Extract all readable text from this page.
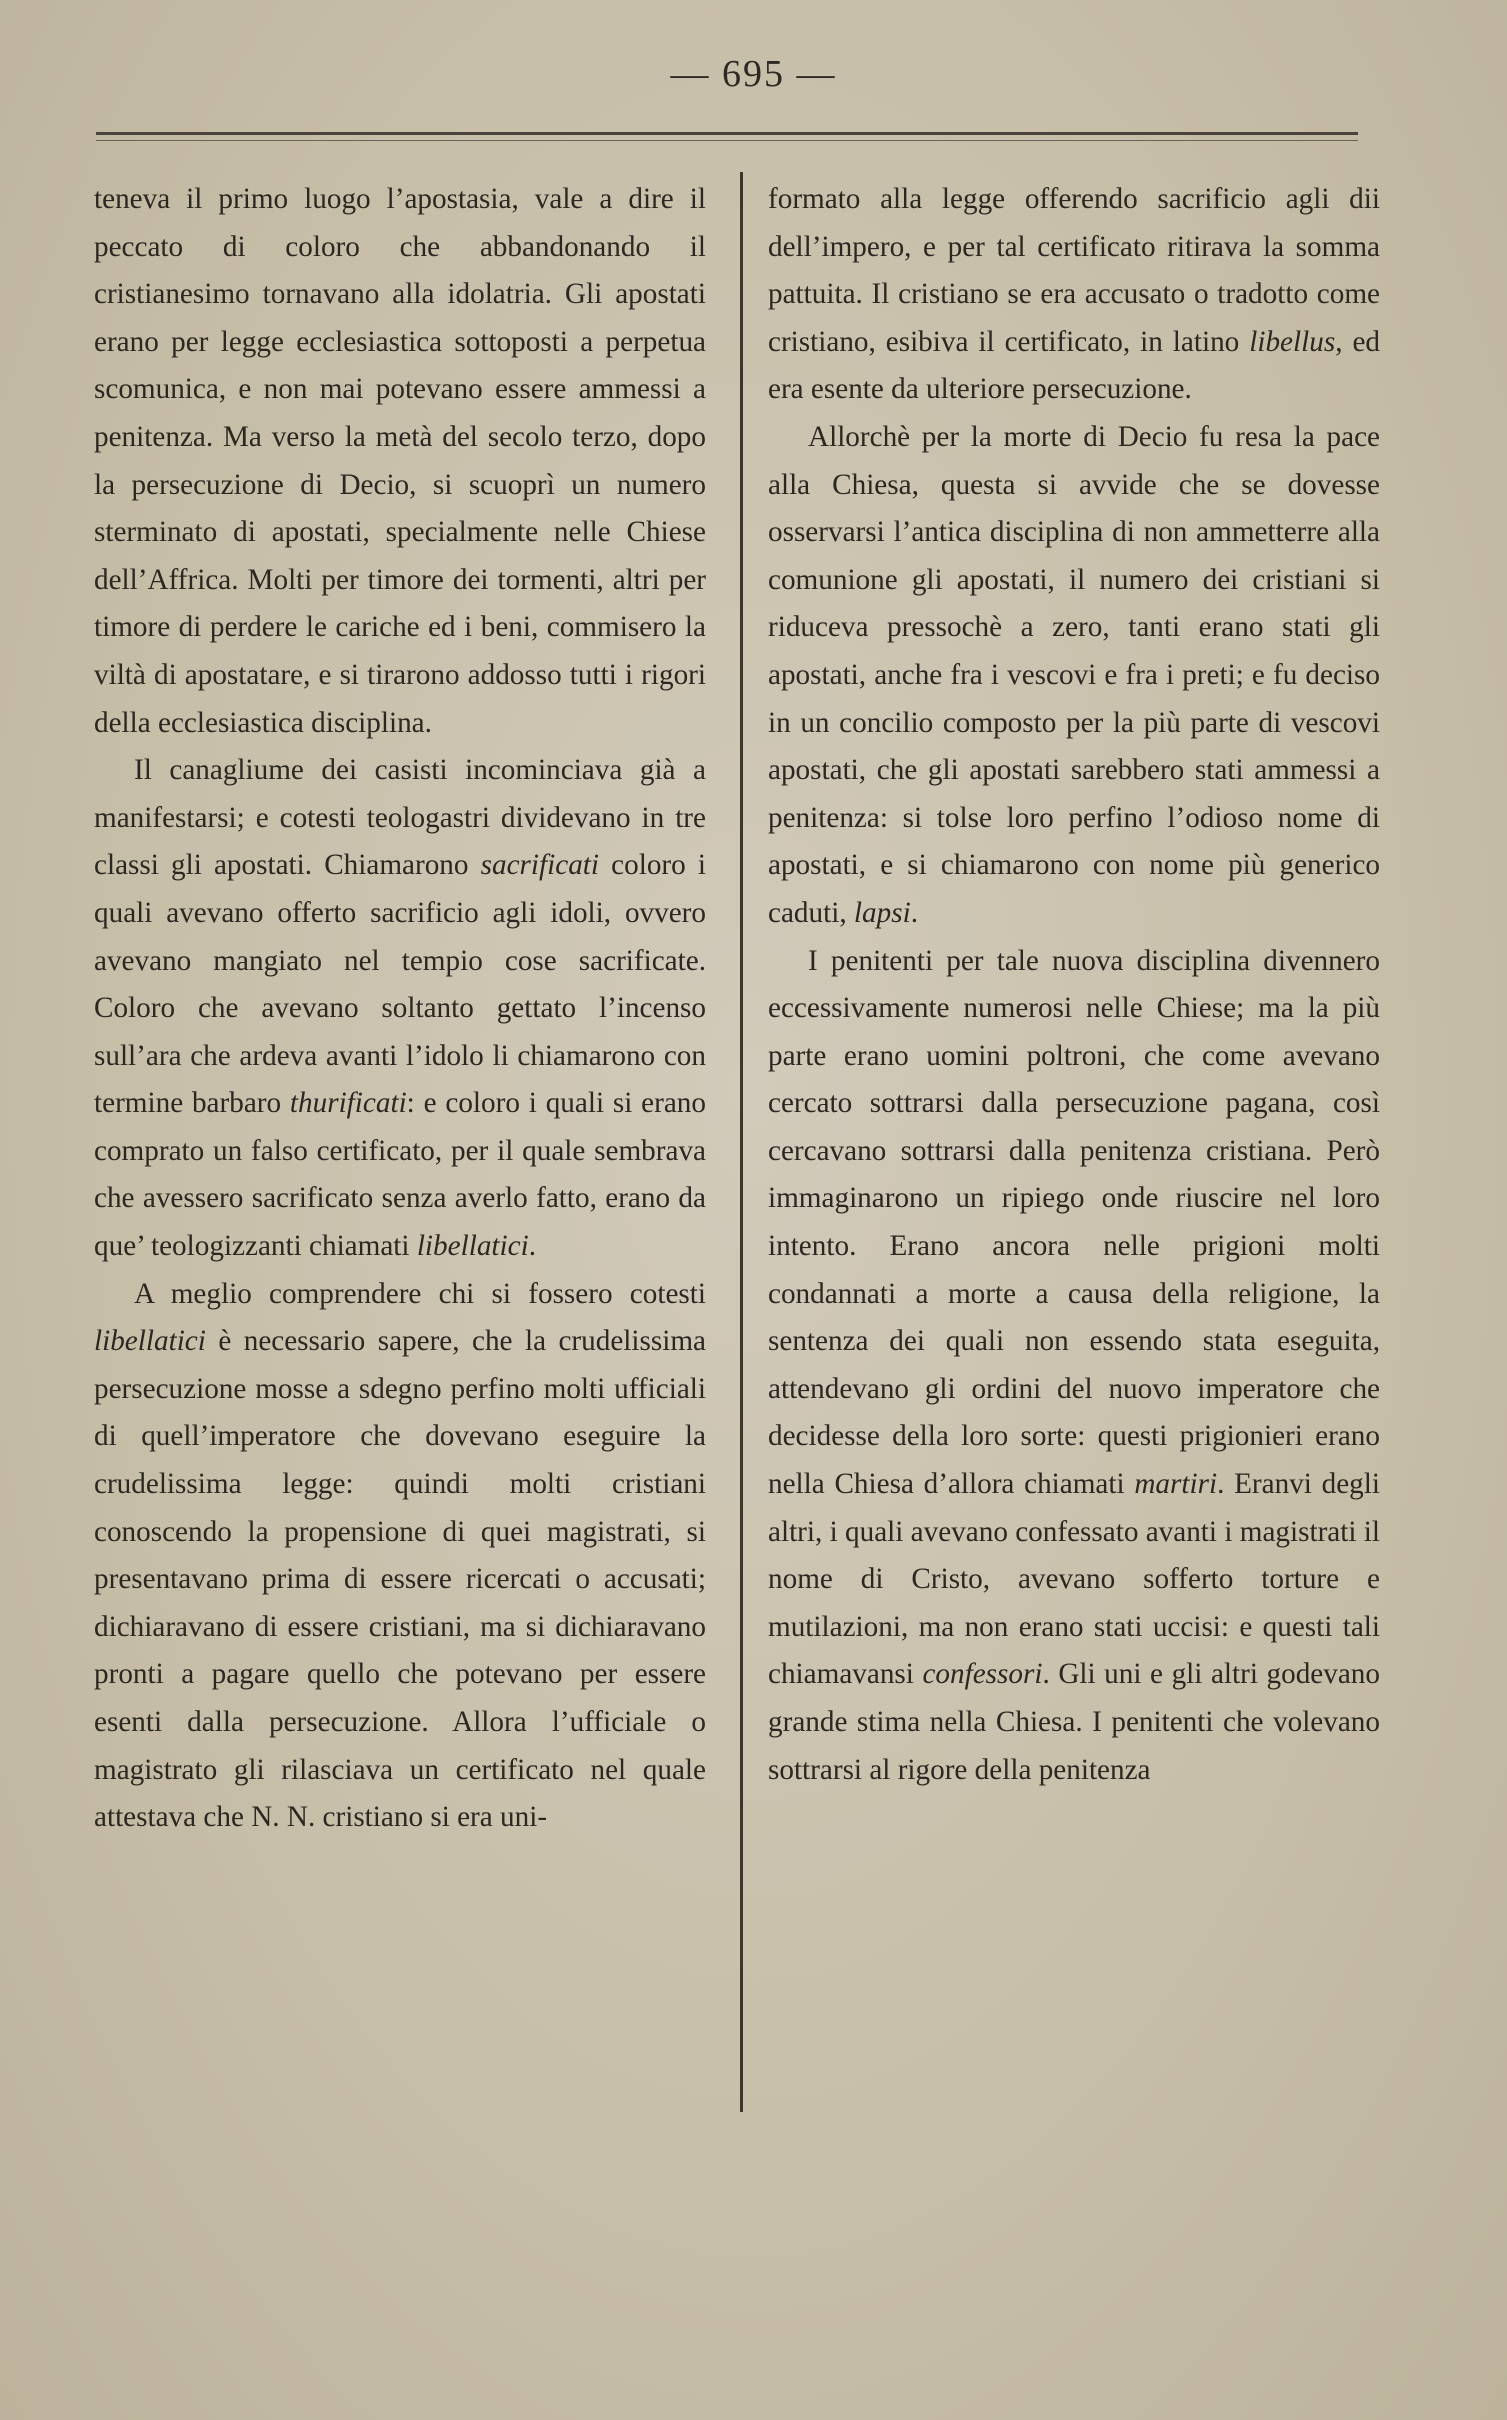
— 695 —

teneva il primo luogo l’apostasia, vale a dire il peccato di coloro che abbandonando il cristianesimo tornavano alla idolatria. Gli apostati erano per legge ecclesiastica sottoposti a perpetua scomunica, e non mai potevano essere ammessi a penitenza. Ma verso la metà del secolo terzo, dopo la persecuzione di Decio, si scuoprì un numero sterminato di apostati, specialmente nelle Chiese dell’Affrica. Molti per timore dei tormenti, altri per timore di perdere le cariche ed i beni, commisero la viltà di apostatare, e si tirarono addosso tutti i rigori della ecclesiastica disciplina.

Il canagliume dei casisti incominciava già a manifestarsi; e cotesti teologastri dividevano in tre classi gli apostati. Chiamarono sacrificati coloro i quali avevano offerto sacrificio agli idoli, ovvero avevano mangiato nel tempio cose sacrificate. Coloro che avevano soltanto gettato l’incenso sull’ara che ardeva avanti l’idolo li chiamarono con termine barbaro thurificati: e coloro i quali si erano comprato un falso certificato, per il quale sembrava che avessero sacrificato senza averlo fatto, erano da que’ teologizzanti chiamati libellatici.

A meglio comprendere chi si fossero cotesti libellatici è necessario sapere, che la crudelissima persecuzione mosse a sdegno perfino molti ufficiali di quell’imperatore che dovevano eseguire la crudelissima legge: quindi molti cristiani conoscendo la propensione di quei magistrati, si presentavano prima di essere ricercati o accusati; dichiaravano di essere cristiani, ma si dichiaravano pronti a pagare quello che potevano per essere esenti dalla persecuzione. Allora l’ufficiale o magistrato gli rilasciava un certificato nel quale attestava che N. N. cristiano si era uni-

formato alla legge offerendo sacrificio agli dii dell’impero, e per tal certificato ritirava la somma pattuita. Il cristiano se era accusato o tradotto come cristiano, esibiva il certificato, in latino libellus, ed era esente da ulteriore persecuzione.

Allorchè per la morte di Decio fu resa la pace alla Chiesa, questa si avvide che se dovesse osservarsi l’antica disciplina di non ammetterre alla comunione gli apostati, il numero dei cristiani si riduceva pressochè a zero, tanti erano stati gli apostati, anche fra i vescovi e fra i preti; e fu deciso in un concilio composto per la più parte di vescovi apostati, che gli apostati sarebbero stati ammessi a penitenza: si tolse loro perfino l’odioso nome di apostati, e si chiamarono con nome più generico caduti, lapsi.

I penitenti per tale nuova disciplina divennero eccessivamente numerosi nelle Chiese; ma la più parte erano uomini poltroni, che come avevano cercato sottrarsi dalla persecuzione pagana, così cercavano sottrarsi dalla penitenza cristiana. Però immaginarono un ripiego onde riuscire nel loro intento. Erano ancora nelle prigioni molti condannati a morte a causa della religione, la sentenza dei quali non essendo stata eseguita, attendevano gli ordini del nuovo imperatore che decidesse della loro sorte: questi prigionieri erano nella Chiesa d’allora chiamati martiri. Eranvi degli altri, i quali avevano confessato avanti i magistrati il nome di Cristo, avevano sofferto torture e mutilazioni, ma non erano stati uccisi: e questi tali chiamavansi confessori. Gli uni e gli altri godevano grande stima nella Chiesa. I penitenti che volevano sottrarsi al rigore della penitenza
